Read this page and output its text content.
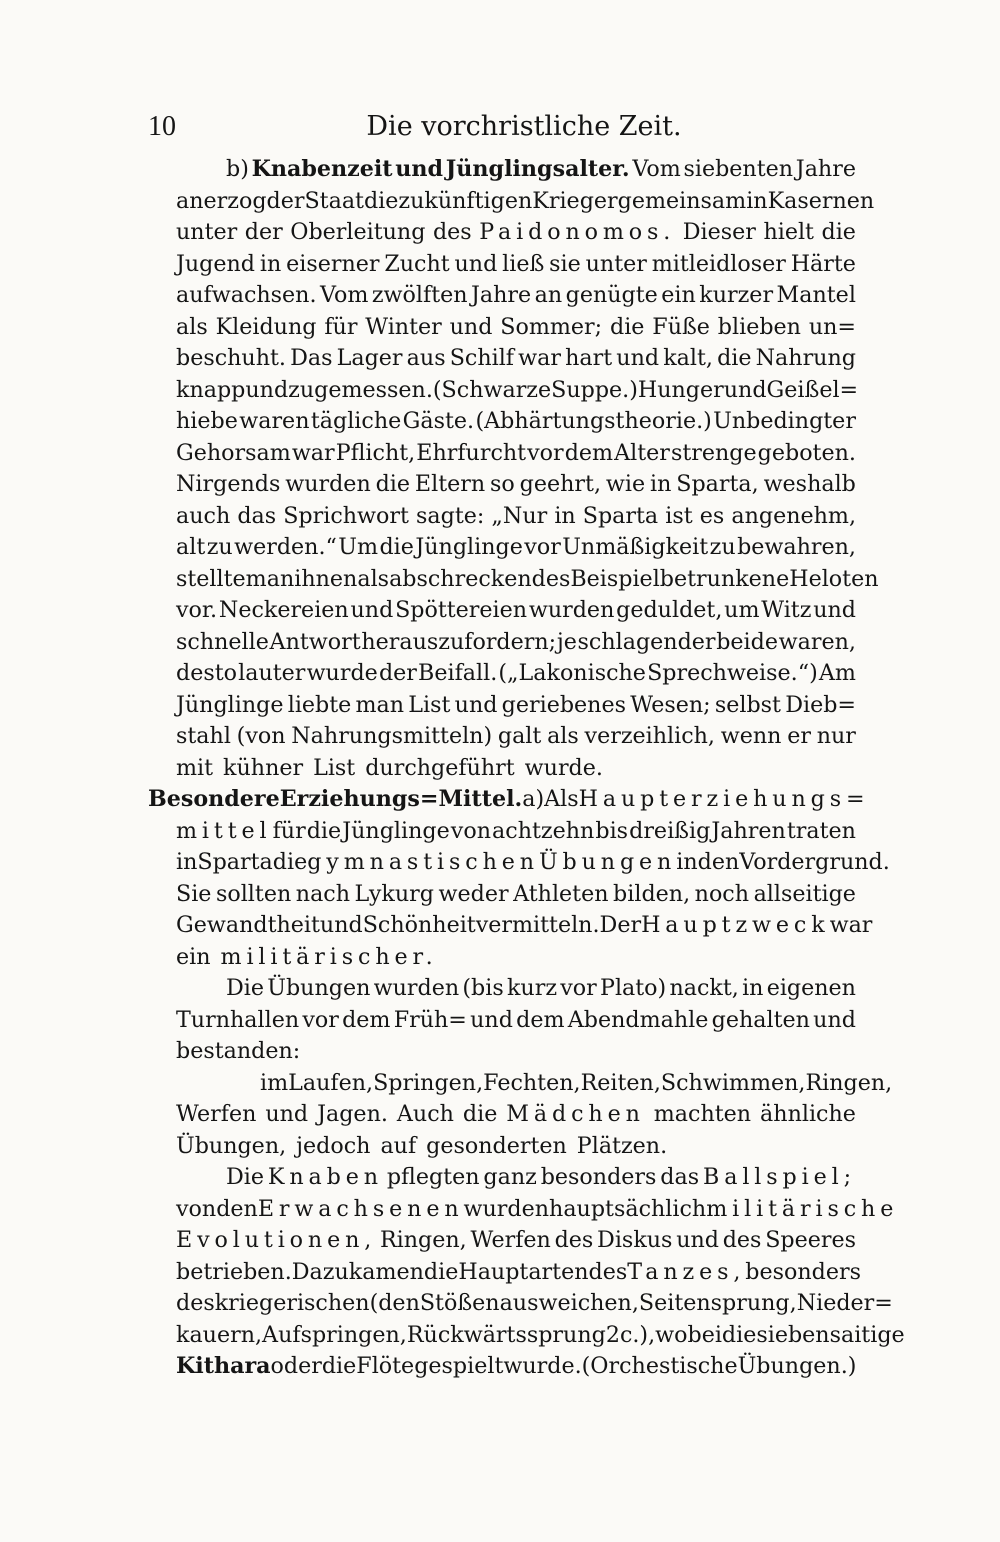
10	Die vorchristliche Zeit.
b) Knabenzeit und Jünglingsalter. Vom siebenten Jahre
an erzog der Staat die zukünftigen Krieger gemeinsam in Kasernen
unter der Oberleitung des Paidonomos. Dieser hielt die
Jugend in eiserner Zucht und ließ sie unter mitleidloser Härte
aufwachsen. Vom zwölften Jahre an genügte ein kurzer Mantel
als Kleidung für Winter und Sommer; die Füße blieben un=
beschuht. Das Lager aus Schilf war hart und kalt, die Nahrung
knapp und zugemessen. (Schwarze Suppe.) Hunger und Geißel=
hiebe waren tägliche Gäste. (Abhärtungstheorie.) Unbedingter
Gehorsam war Pflicht, Ehrfurcht vor dem Alter strenge geboten.
Nirgends wurden die Eltern so geehrt, wie in Sparta, weshalb
auch das Sprichwort sagte: „Nur in Sparta ist es angenehm,
alt zu werden.“ Um die Jünglinge vor Unmäßigkeit zu bewahren,
stellte man ihnen als abschreckendes Beispiel betrunkene Heloten
vor. Neckereien und Spöttereien wurden geduldet, um Witz und
schnelle Antwort herauszufordern; je schlagender beide waren,
desto lauter wurde der Beifall. („Lakonische Sprechweise.“) Am
Jünglinge liebte man List und geriebenes Wesen; selbst Dieb=
stahl (von Nahrungsmitteln) galt als verzeihlich, wenn er nur
mit kühner List durchgeführt wurde.
Besondere Erziehungs=Mittel. a) Als Haupterziehungs=
mittel für die Jünglinge von achtzehn bis dreißig Jahren traten
in Sparta die gymnastischen Übungen in den Vordergrund.
Sie sollten nach Lykurg weder Athleten bilden, noch allseitige
Gewandtheit und Schönheit vermitteln. Der Hauptzweck war
ein militärischer.
Die Übungen wurden (bis kurz vor Plato) nackt, in eigenen
Turnhallen vor dem Früh= und dem Abendmahle gehalten und
bestanden:
im Laufen, Springen, Fechten, Reiten, Schwimmen, Ringen,
Werfen und Jagen. Auch die Mädchen machten ähnliche
Übungen, jedoch auf gesonderten Plätzen.
Die Knaben pflegten ganz besonders das Ballspiel;
von den Erwachsenen wurden hauptsächlich militärische
Evolutionen, Ringen, Werfen des Diskus und des Speeres
betrieben. Dazu kamen die Hauptarten des Tanzes, besonders
des kriegerischen (den Stößen ausweichen, Seitensprung, Nieder=
kauern, Aufspringen, Rückwärtssprung 2c.), wobei die siebensaitige
Kithara oder die Flöte gespielt wurde. (Orchestische Übungen.)
